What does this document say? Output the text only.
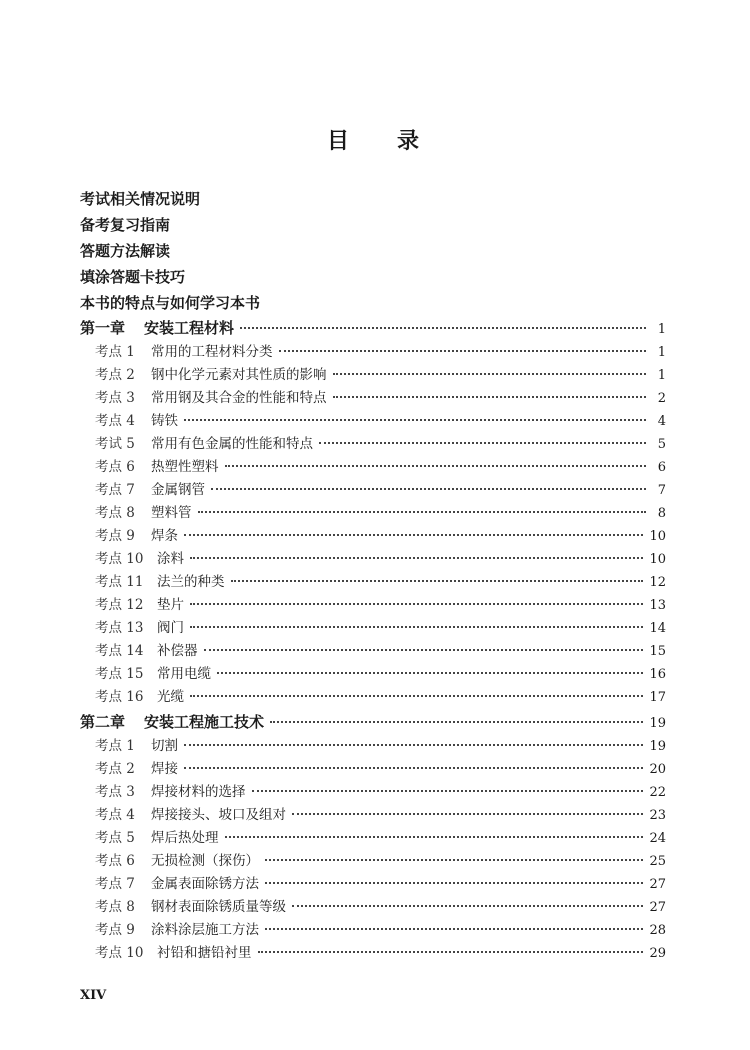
目 录
考试相关情况说明
备考复习指南
答题方法解读
填涂答题卡技巧
本书的特点与如何学习本书
第一章	安装工程材料	1
考点 1	常用的工程材料分类	1
考点 2	钢中化学元素对其性质的影响	1
考点 3	常用钢及其合金的性能和特点	2
考点 4	铸铁	4
考试 5	常用有色金属的性能和特点	5
考点 6	热塑性塑料	6
考点 7	金属钢管	7
考点 8	塑料管	8
考点 9	焊条	10
考点 10	涂料	10
考点 11	法兰的种类	12
考点 12	垫片	13
考点 13	阀门	14
考点 14	补偿器	15
考点 15	常用电缆	16
考点 16	光缆	17
第二章	安装工程施工技术	19
考点 1	切割	19
考点 2	焊接	20
考点 3	焊接材料的选择	22
考点 4	焊接接头、坡口及组对	23
考点 5	焊后热处理	24
考点 6	无损检测（探伤）	25
考点 7	金属表面除锈方法	27
考点 8	钢材表面除锈质量等级	27
考点 9	涂料涂层施工方法	28
考点 10	衬铅和搪铅衬里	29
XIV
